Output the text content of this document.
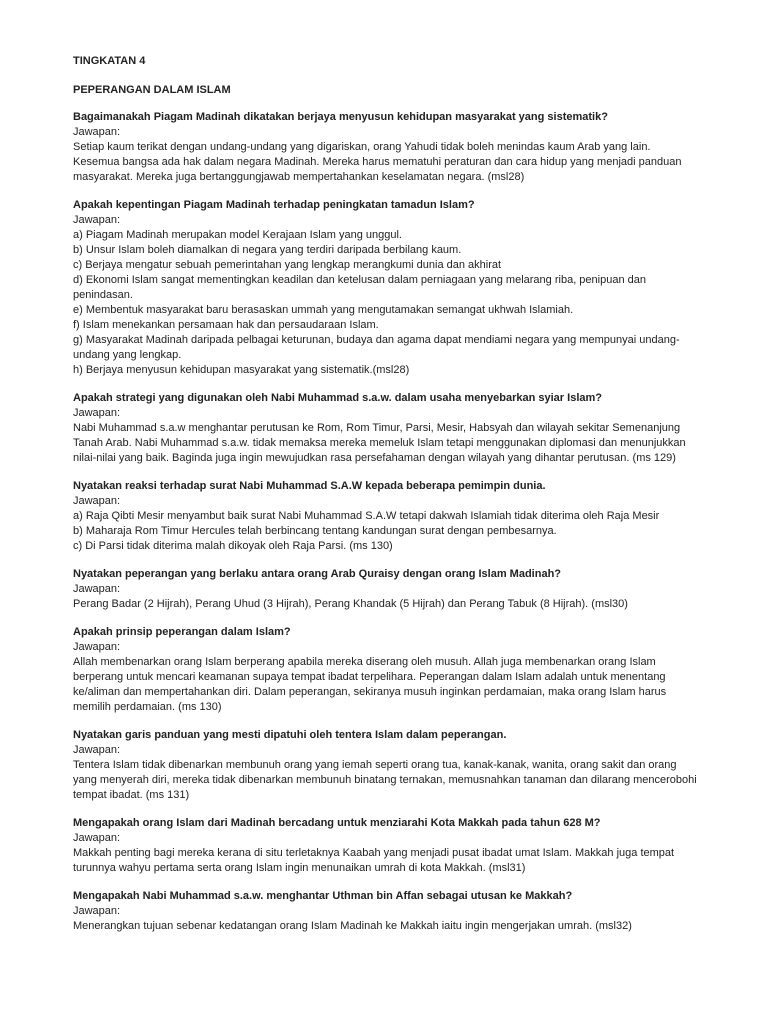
TINGKATAN 4

PEPERANGAN DALAM ISLAM

Bagaimanakah Piagam Madinah dikatakan berjaya menyusun kehidupan masyarakat yang sistematik?

Jawapan:

Setiap kaum terikat dengan undang-undang yang digariskan, orang Yahudi tidak boleh menindas kaum Arab yang lain.

Kesemua bangsa ada hak dalam negara Madinah. Mereka harus mematuhi peraturan dan cara hidup yang menjadi panduan

masyarakat. Mereka juga bertanggungjawab mempertahankan keselamatan negara. (msl28)

Apakah kepentingan Piagam Madinah terhadap peningkatan tamadun Islam?

Jawapan:

a) Piagam Madinah merupakan model Kerajaan Islam yang unggul.

b) Unsur Islam boleh diamalkan di negara yang terdiri daripada berbilang kaum.

c) Berjaya mengatur sebuah pemerintahan yang lengkap merangkumi dunia dan akhirat

d) Ekonomi Islam sangat mementingkan keadilan dan ketelusan dalam perniagaan yang melarang riba, penipuan dan

penindasan.

e) Membentuk masyarakat baru berasaskan ummah yang mengutamakan semangat ukhwah Islamiah.

f) Islam menekankan persamaan hak dan persaudaraan Islam.

g) Masyarakat Madinah daripada pelbagai keturunan, budaya dan agama dapat mendiami negara yang mempunyai undang-

undang yang lengkap.

h) Berjaya menyusun kehidupan masyarakat yang sistematik.(msl28)

Apakah strategi yang digunakan oleh Nabi Muhammad s.a.w. dalam usaha menyebarkan syiar Islam?

Jawapan:

Nabi Muhammad s.a.w menghantar perutusan ke Rom, Rom Timur, Parsi, Mesir, Habsyah dan wilayah sekitar Semenanjung

Tanah Arab. Nabi Muhammad s.a.w. tidak memaksa mereka memeluk Islam tetapi menggunakan diplomasi dan menunjukkan

nilai-nilai yang baik. Baginda juga ingin mewujudkan rasa persefahaman dengan wilayah yang dihantar perutusan. (ms 129)

Nyatakan reaksi terhadap surat Nabi Muhammad S.A.W kepada beberapa pemimpin dunia.

Jawapan:

a) Raja Qibti Mesir menyambut baik surat Nabi Muhammad S.A.W tetapi dakwah Islamiah tidak diterima oleh Raja Mesir

b) Maharaja Rom Timur Hercules telah berbincang tentang kandungan surat dengan pembesarnya.

c) Di Parsi tidak diterima malah dikoyak oleh Raja Parsi. (ms 130)

Nyatakan peperangan yang berlaku antara orang Arab Quraisy dengan orang Islam Madinah?

Jawapan:

Perang Badar (2 Hijrah), Perang Uhud (3 Hijrah), Perang Khandak (5 Hijrah) dan Perang Tabuk (8 Hijrah). (msl30)

Apakah prinsip peperangan dalam Islam?

Jawapan:

Allah membenarkan orang Islam berperang apabila mereka diserang oleh musuh. Allah juga membenarkan orang Islam

berperang untuk mencari keamanan supaya tempat ibadat terpelihara. Peperangan dalam Islam adalah untuk menentang

ke/aliman dan mempertahankan diri. Dalam peperangan, sekiranya musuh inginkan perdamaian, maka orang Islam harus

memilih perdamaian. (ms 130)

Nyatakan garis panduan yang mesti dipatuhi oleh tentera Islam dalam peperangan.

Jawapan:

Tentera Islam tidak dibenarkan membunuh orang yang iemah seperti orang tua, kanak-kanak, wanita, orang sakit dan orang

yang menyerah diri, mereka tidak dibenarkan membunuh binatang ternakan, memusnahkan tanaman dan dilarang mencerobohi

tempat ibadat. (ms 131)

Mengapakah orang Islam dari Madinah bercadang untuk menziarahi Kota Makkah pada tahun 628 M?

Jawapan:

Makkah penting bagi mereka kerana di situ terletaknya Kaabah yang menjadi pusat ibadat umat Islam. Makkah juga tempat

turunnya wahyu pertama serta orang Islam ingin menunaikan umrah di kota Makkah. (msl31)

Mengapakah Nabi Muhammad s.a.w. menghantar Uthman bin Affan sebagai utusan ke Makkah?

Jawapan:

Menerangkan tujuan sebenar kedatangan orang Islam Madinah ke Makkah iaitu ingin mengerjakan umrah. (msl32)
